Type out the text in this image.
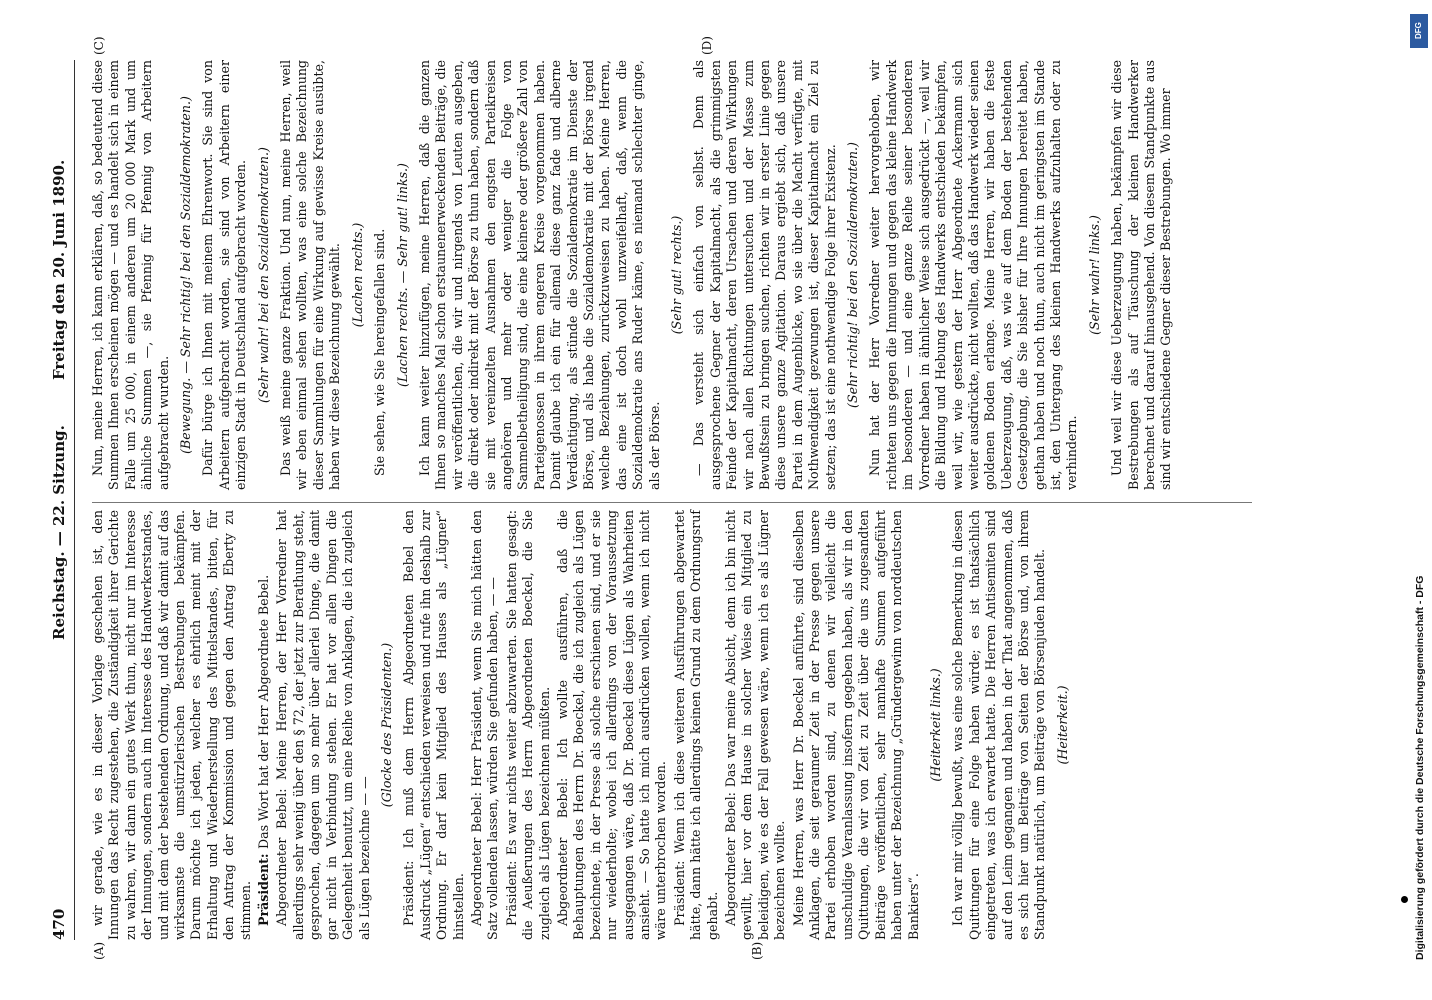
470
Reichstag. — 22. Sitzung.
Freitag den 20. Juni 1890.
(A)	(B)
(C)	(D)

wir gerade, wie es in dieser Vorlage geschehen ist, den Innungen das Recht zugestehen, die Zuständigkeit ihrer Gerichte zu wahren, wir dann ein gutes Werk thun, nicht nur im Interesse der Innungen, sondern auch im Interesse des Handwerkerstandes, und mit dem der bestehenden Ordnung, und daß wir damit auf das wirksamste die umstürzlerischen Bestrebungen bekämpfen. Darum möchte ich jeden, welcher es ehrlich meint mit der Erhaltung und Wiederherstellung des Mittelstandes, bitten, für den Antrag der Kommission und gegen den Antrag Eberty zu stimmen. Präsident: Das Wort hat der Herr Abgeordnete Bebel. Abgeordneter Bebel: Meine Herren, der Herr Vorredner hat allerdings sehr wenig über den § 72, der jetzt zur Berathung steht, gesprochen, dagegen um so mehr über allerlei Dinge, die damit gar nicht in Verbindung stehen. Er hat vor allen Dingen die Gelegenheit benutzt, um eine Reihe von Anklagen, die ich zugleich als Lügen bezeichne — —

(Glocke des Präsidenten.) Präsident: Ich muß dem Herrn Abgeordneten Bebel den Ausdruck „Lügen“ entschieden verweisen und rufe ihn deshalb zur Ordnung. Er darf kein Mitglied des Hauses als „Lügner“ hinstellen. Abgeordneter Bebel: Herr Präsident, wenn Sie mich hätten den Satz vollenden lassen, würden Sie gefunden haben, — — Präsident: Es war nichts weiter abzuwarten. Sie hatten gesagt: die Aeußerungen des Herrn Abgeordneten Boeckel, die Sie zugleich als Lügen bezeichnen müßten. Abgeordneter Bebel: Ich wollte ausführen, daß die Behauptungen des Herrn Dr. Boeckel, die ich zugleich als Lügen bezeichnete, in der Presse als solche erschienen sind, und er sie nur wiederholte; wobei ich allerdings von der Voraussetzung ausgegangen wäre, daß Dr. Boeckel diese Lügen als Wahrheiten ansieht. — So hatte ich mich ausdrücken wollen, wenn ich nicht wäre unterbrochen worden. Präsident: Wenn ich diese weiteren Ausführungen abgewartet hätte, dann hätte ich allerdings keinen Grund zu dem Ordnungsruf gehabt. Abgeordneter Bebel: Das war meine Absicht, denn ich bin nicht gewillt, hier vor dem Hause in solcher Weise ein Mitglied zu beleidigen, wie es der Fall gewesen wäre, wenn ich es als Lügner bezeichnen wollte. Meine Herren, was Herr Dr. Boeckel anführte, sind dieselben Anklagen, die seit geraumer Zeit in der Presse gegen unsere Partei erhoben worden sind, zu denen wir vielleicht die unschuldige Veranlassung insofern gegeben haben, als wir in den Quittungen, die wir von Zeit zu Zeit über die uns zugesandten Beiträge veröffentlichen, sehr namhafte Summen aufgeführt haben unter der Bezeichnung „Gründergewinn von norddeutschen Bankiers“.

(Heiterkeit links.) Ich war mir völlig bewußt, was eine solche Bemerkung in diesen Quittungen für eine Folge haben würde; es ist thatsächlich eingetreten, was ich erwartet hatte. Die Herren Antisemiten sind auf den Leim gegangen und haben in der That angenommen, daß es sich hier um Beiträge von Seiten der Börse und, von ihrem Standpunkt natürlich, um Beiträge von Börsenjuden handelt. (Heiterkeit.)

Nun, meine Herren, ich kann erklären, daß, so bedeutend diese Summen Ihnen erscheinen mögen — und es handelt sich in einem Falle um 25 000, in einem anderen um 20 000 Mark und um ähnliche Summen —, sie Pfennig für Pfennig von Arbeitern aufgebracht wurden. (Bewegung. — Sehr richtig! bei den Sozialdemokraten.) Dafür bürge ich Ihnen mit meinem Ehrenwort. Sie sind von Arbeitern aufgebracht worden, sie sind von Arbeitern einer einzigen Stadt in Deutschland aufgebracht worden. (Sehr wahr! bei den Sozialdemokraten.) Das weiß meine ganze Fraktion. Und nun, meine Herren, weil wir eben einmal sehen wollten, was eine solche Bezeichnung dieser Sammlungen für eine Wirkung auf gewisse Kreise ausübte, haben wir diese Bezeichnung gewählt. (Lachen rechts.) Sie sehen, wie Sie hereingefallen sind. (Lachen rechts. — Sehr gut! links.) Ich kann weiter hinzufügen, meine Herren, daß die ganzen Ihnen so manches Mal schon erstaunenerweckenden Beiträge, die wir veröffentlichen, die wir und nirgends von Leuten ausgeben, die direkt oder indirekt mit der Börse zu thun haben, sondern daß sie mit vereinzelten Ausnahmen den engsten Parteikreisen angehören und mehr oder weniger die Folge von Sammelbetheiligung sind, die eine kleinere oder größere Zahl von Parteigenossen in ihrem engeren Kreise vorgenommen haben. Damit glaube ich ein für allemal diese ganz fade und alberne Verdächtigung, als stünde die Sozialdemokratie im Dienste der Börse, und als habe die Sozialdemokratie mit der Börse irgend welche Beziehungen, zurückzuweisen zu haben. Meine Herren, das eine ist doch wohl unzweifelhaft, daß, wenn die Sozialdemokratie ans Ruder käme, es niemand schlechter ginge, als der Börse.

(Sehr gut! rechts.) — Das versteht sich einfach von selbst. Denn als ausgesprochene Gegner der Kapitalmacht, als die grimmigsten Feinde der Kapitalmacht, deren Ursachen und deren Wirkungen wir nach allen Richtungen untersuchen und der Masse zum Bewußtsein zu bringen suchen, richten wir in erster Linie gegen diese unsere ganze Agitation. Daraus ergiebt sich, daß unsere Partei in dem Augenblicke, wo sie über die Macht verfügte, mit Nothwendigkeit gezwungen ist, dieser Kapitalmacht ein Ziel zu setzen; das ist eine nothwendige Folge ihrer Existenz. (Sehr richtig! bei den Sozialdemokraten.) Nun hat der Herr Vorredner weiter hervorgehoben, wir richteten uns gegen die Innungen und gegen das kleine Handwerk im besonderen — und eine ganze Reihe seiner besonderen Vorredner haben in ähnlicher Weise sich ausgedrückt —, weil wir die Bildung und Hebung des Handwerks entschieden bekämpfen, weil wir, wie gestern der Herr Abgeordnete Ackermann sich weiter ausdrückte, nicht wollten, daß das Handwerk wieder seinen goldenen Boden erlange. Meine Herren, wir haben die feste Ueberzeugung, daß, was wie auf dem Boden der bestehenden Gesetzgebung, die Sie bisher für Ihre Innungen bereitet haben, gethan haben und noch thun, auch nicht im geringsten im Stande ist, den Untergang des kleinen Handwerks aufzuhalten oder zu verhindern.

(Sehr wahr! links.) Und weil wir diese Ueberzeugung haben, bekämpfen wir diese Bestrebungen als auf Täuschung der kleinen Handwerker berechnet und darauf hinausgehend. Von diesem Standpunkte aus sind wir entschiedene Gegner dieser Bestrebungen. Wo immer

Digitalisierung gefördert durch die Deutsche Forschungsgemeinschaft - DFG
DFG
